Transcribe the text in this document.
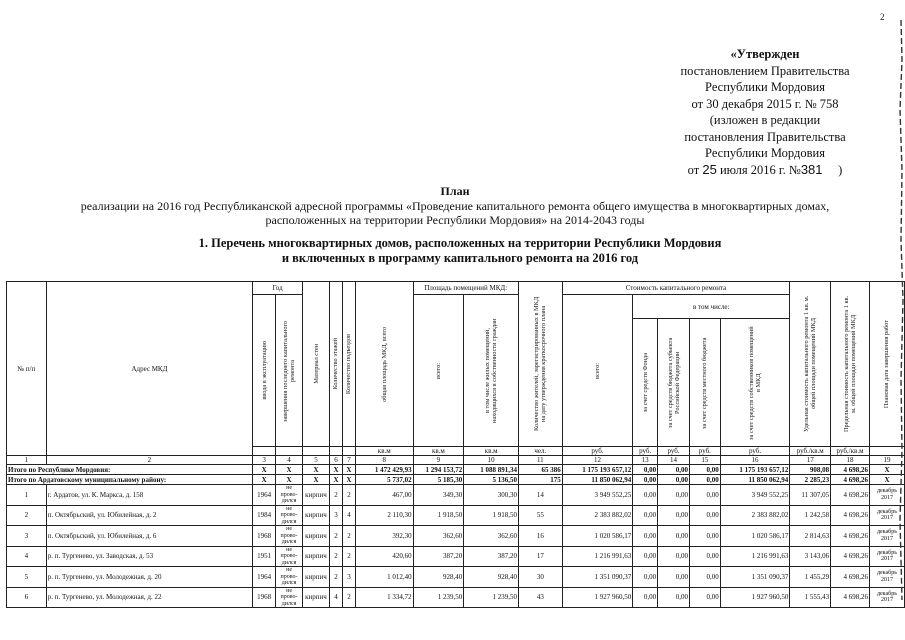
2
«Утвержден
постановлением Правительства
Республики Мордовия
от 30 декабря 2015 г. № 758
(изложен в редакции
постановления Правительства
Республики Мордовия
от 25 июля 2016 г. №381 )
План
реализации на 2016 год Республиканской адресной программы «Проведение капитального ремонта общего имущества в многоквартирных домах,
расположенных на территории Республики Мордовия» на 2014-2043 годы
1. Перечень многоквартирных домов, расположенных на территории Республики Мордовия
и включенных в программу капитального ремонта на 2016 год
№ п/п	Адрес МКД	Год		Материал стен	Количество этажей	Количество подъездов	общая площадь МКД, всего	Площадь помещений МКД:		Количество жителей, зарегистрированных в МКД на дату утверждения краткосрочного плана	Стоимость капитального ремонта					Удельная стоимость капитального ремонта 1 кв. м. общей площади помещений МКД	Предельная стоимость капитального ремонта 1 кв. м. общей площади помещений МКД	Плановая дата завершения работ

		ввода в эксплуатацию	завершения последнего капитального ремонта					всего:	в том числе жилых помещений, находящихся в собственности граждан		всего:	в том числе:						

												за счет средств Фонда	за счет средств бюджета субъекта Российской Федерации	за счет средств местного бюджета	за счет средств собственников помещений в МКД			

							кв.м	кв.м	кв.м	чел.	руб.	руб.	руб.	руб.	руб.	руб./кв.м	руб./кв.м	
1	2	3	4	5	6	7	8	9	10	11	12	13	14	15	16	17	18	19
Итого по Республике Мордовия:		X	X	X	X	X	1 472 429,93	1 294 153,72	1 088 891,34	65 386	1 175 193 657,12	0,00	0,00	0,00	1 175 193 657,12	908,08	4 698,26	X
Итого по Ардатовскому муниципальному району:		X	X	X	X	X	5 737,02	5 185,30	5 136,50	175	11 850 062,94	0,00	0,00	0,00	11 850 062,94	2 285,23	4 698,26	X
1	г. Ардатов, ул. К. Маркса, д. 158	1964	не прово-дился	кирпич	2	2	467,00	349,30	300,30	14	3 949 552,25	0,00	0,00	0,00	3 949 552,25	11 307,05	4 698,26	декабрь 2017
2	п. Октябрьский, ул. Юбилейная, д. 2	1984	не прово-дился	кирпич	3	4	2 110,30	1 918,50	1 918,50	55	2 383 882,02	0,00	0,00	0,00	2 383 882,02	1 242,58	4 698,26	декабрь 2017
3	п. Октябрьский, ул. Юбилейная, д. 6	1968	не прово-дился	кирпич	2	2	392,30	362,60	362,60	16	1 020 586,17	0,00	0,00	0,00	1 020 586,17	2 814,63	4 698,26	декабрь 2017
4	р. п. Тургенево, ул. Заводская, д. 53	1951	не прово-дился	кирпич	2	2	420,60	387,20	387,20	17	1 216 991,63	0,00	0,00	0,00	1 216 991,63	3 143,06	4 698,26	декабрь 2017
5	р. п. Тургенево, ул. Молодежная, д. 20	1964	не прово-дился	кирпич	2	3	1 012,40	928,40	928,40	30	1 351 090,37	0,00	0,00	0,00	1 351 090,37	1 455,29	4 698,26	декабрь 2017
6	р. п. Тургенево, ул. Молодежная, д. 22	1968	не прово-дился	кирпич	4	2	1 334,72	1 239,50	1 239,50	43	1 927 960,50	0,00	0,00	0,00	1 927 960,50	1 555,43	4 698,26	декабрь 2017
